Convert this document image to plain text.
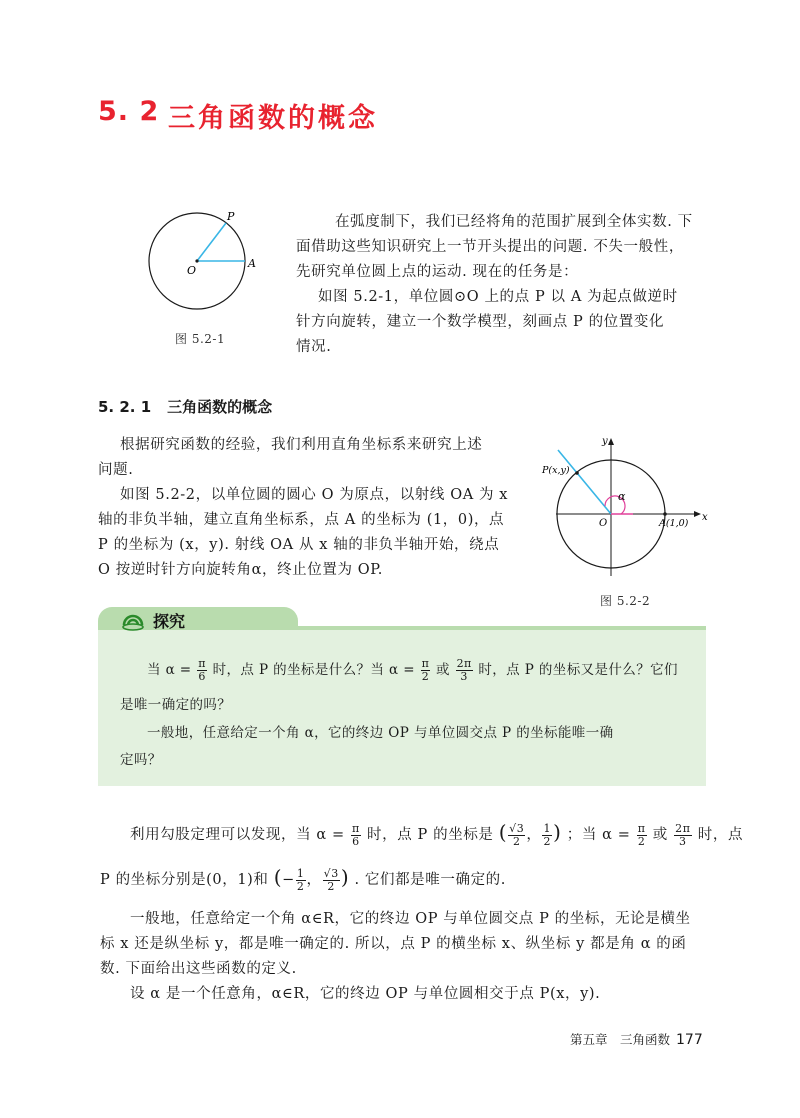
5. 2 三角函数的概念
P
O
A
图 5.2-1
在弧度制下，我们已经将角的范围扩展到全体实数. 下
面借助这些知识研究上一节开头提出的问题. 不失一般性，
先研究单位圆上点的运动. 现在的任务是：
如图 5.2-1，单位圆⊙O 上的点 P 以 A 为起点做逆时
针方向旋转，建立一个数学模型，刻画点 P 的位置变化
情况.
5. 2. 1 三角函数的概念
根据研究函数的经验，我们利用直角坐标系来研究上述
问题.
如图 5.2-2，以单位圆的圆心 O 为原点，以射线 OA 为 x
轴的非负半轴，建立直角坐标系，点 A 的坐标为 (1，0)，点
P 的坐标为 (x，y). 射线 OA 从 x 轴的非负半轴开始，绕点
O 按逆时针方向旋转角α，终止位置为 OP.
y
x
O
P(x,y)
A(1,0)
α
图 5.2-2
探究
当 $\alpha = \frac{\pi}{6}$ 时，点 P 的坐标是什么？当 $\alpha = \frac{\pi}{2}$ 或 $\frac{2\pi}{3}$ 时，点 P 的坐标又是什么？它们
是唯一确定的吗？
一般地，任意给定一个角 α，它的终边 OP 与单位圆交点 P 的坐标能唯一确
定吗？
利用勾股定理可以发现，当 $\alpha = \frac{\pi}{6}$ 时，点 P 的坐标是 ( $\frac{√3}{2}$ ， $\frac{1}{2}$ ) ；当 $\alpha = \frac{\pi}{2}$ 或 $\frac{2\pi}{3}$ 时，点
P 的坐标分别是(0，1)和 (− $\frac{1}{2}$ ， $\frac{√3}{2}$ ) . 它们都是唯一确定的.
一般地，任意给定一个角 α∈R，它的终边 OP 与单位圆交点 P 的坐标，无论是横坐
标 x 还是纵坐标 y，都是唯一确定的. 所以，点 P 的横坐标 x、纵坐标 y 都是角 α 的函
数. 下面给出这些函数的定义.
设 α 是一个任意角，α∈R，它的终边 OP 与单位圆相交于点 P(x，y).
第五章　三角函数 177
